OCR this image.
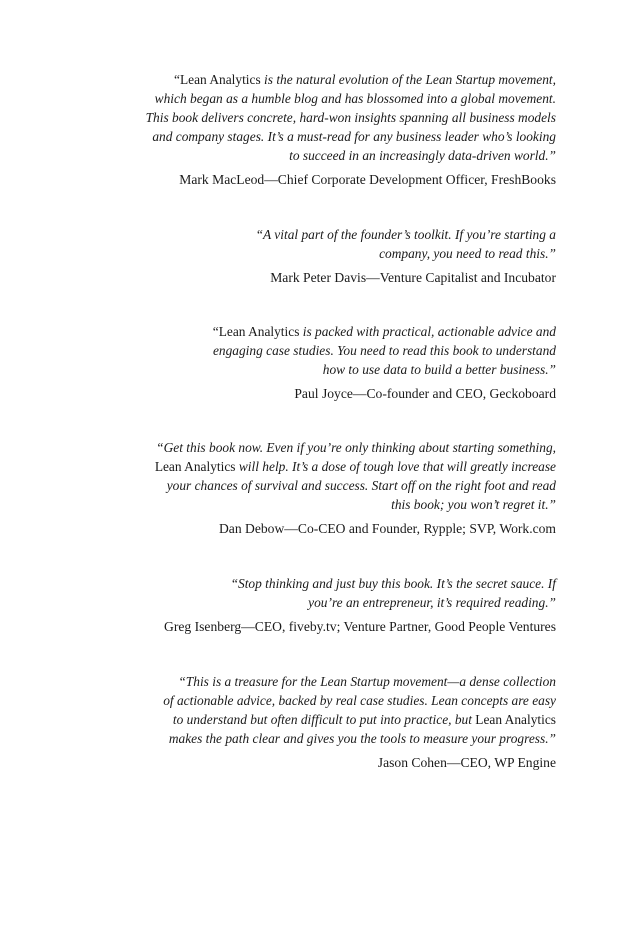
“Lean Analytics is the natural evolution of the Lean Startup movement,
which began as a humble blog and has blossomed into a global movement.
This book delivers concrete, hard-won insights spanning all business models
and company stages. It’s a must-read for any business leader who’s looking
to succeed in an increasingly data-driven world.”

Mark MacLeod—Chief Corporate Development Officer, FreshBooks

“A vital part of the founder’s toolkit. If you’re starting a
company, you need to read this.”

Mark Peter Davis—Venture Capitalist and Incubator

“Lean Analytics is packed with practical, actionable advice and
engaging case studies. You need to read this book to understand
how to use data to build a better business.”

Paul Joyce—Co-founder and CEO, Geckoboard

“Get this book now. Even if you’re only thinking about starting something,
Lean Analytics will help. It’s a dose of tough love that will greatly increase
your chances of survival and success. Start off on the right foot and read
this book; you won’t regret it.”

Dan Debow—Co-CEO and Founder, Rypple; SVP, Work.com

“Stop thinking and just buy this book. It’s the secret sauce. If
you’re an entrepreneur, it’s required reading.”

Greg Isenberg—CEO, fiveby.tv; Venture Partner, Good People Ventures

“This is a treasure for the Lean Startup movement—a dense collection
of actionable advice, backed by real case studies. Lean concepts are easy
to understand but often difficult to put into practice, but Lean Analytics
makes the path clear and gives you the tools to measure your progress.”

Jason Cohen—CEO, WP Engine
